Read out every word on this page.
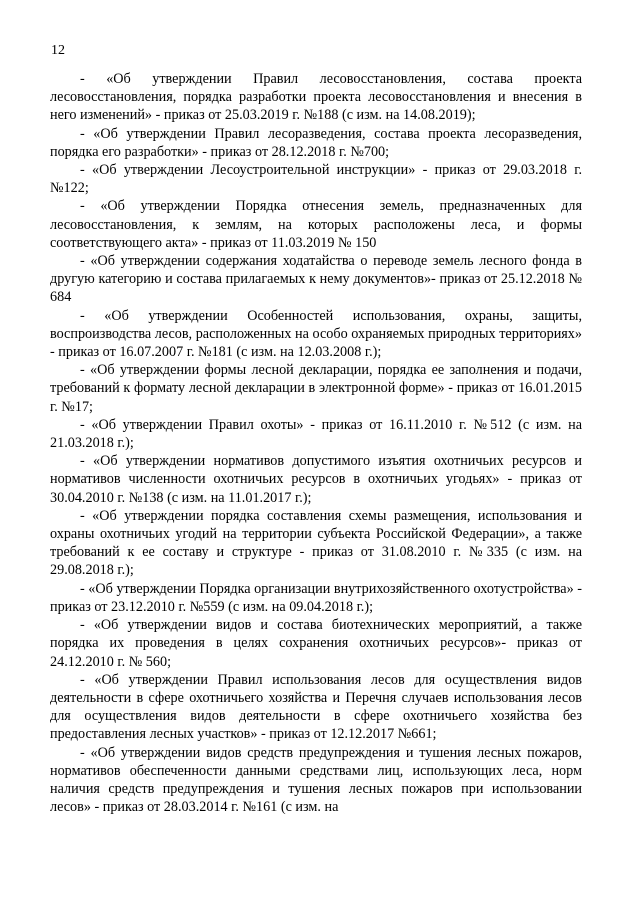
12

- «Об утверждении Правил лесовосстановления, состава проекта лесовосстановления, порядка разработки проекта лесовосстановления и внесения в него изменений» - приказ от 25.03.2019 г. №188 (с изм. на 14.08.2019);

- «Об утверждении Правил лесоразведения, состава проекта лесоразведения, порядка его разработки» - приказ от 28.12.2018 г. №700;

- «Об утверждении Лесоустроительной инструкции» - приказ от 29.03.2018 г. №122;

- «Об утверждении Порядка отнесения земель, предназначенных для лесовосстановления, к землям, на которых расположены леса, и формы соответствующего акта» - приказ от 11.03.2019 № 150

- «Об утверждении содержания ходатайства о переводе земель лесного фонда в другую категорию и состава прилагаемых к нему документов»- приказ от 25.12.2018 № 684

- «Об утверждении Особенностей использования, охраны, защиты, воспроизводства лесов, расположенных на особо охраняемых природных территориях» - приказ от 16.07.2007 г. №181 (с изм. на 12.03.2008 г.);

- «Об утверждении формы лесной декларации, порядка ее заполнения и подачи, требований к формату лесной декларации в электронной форме» - приказ от 16.01.2015 г. №17;

- «Об утверждении Правил охоты» - приказ от 16.11.2010 г. №512 (с изм. на 21.03.2018 г.);

- «Об утверждении нормативов допустимого изъятия охотничьих ресурсов и нормативов численности охотничьих ресурсов в охотничьих угодьях» - приказ от 30.04.2010 г. №138 (с изм. на 11.01.2017 г.);

- «Об утверждении порядка составления схемы размещения, использования и охраны охотничьих угодий на территории субъекта Российской Федерации», а также требований к ее составу и структуре - приказ от 31.08.2010 г. №335 (с изм. на 29.08.2018 г.);

- «Об утверждении Порядка организации внутрихозяйственного охотустройства» - приказ от 23.12.2010 г. №559 (с изм. на 09.04.2018 г.);

- «Об утверждении видов и состава биотехнических мероприятий, а также порядка их проведения в целях сохранения охотничьих ресурсов»- приказ от 24.12.2010 г. № 560;

- «Об утверждении Правил использования лесов для осуществления видов деятельности в сфере охотничьего хозяйства и Перечня случаев использования лесов для осуществления видов деятельности в сфере охотничьего хозяйства без предоставления лесных участков» - приказ от 12.12.2017 №661;

- «Об утверждении видов средств предупреждения и тушения лесных пожаров, нормативов обеспеченности данными средствами лиц, использующих леса, норм наличия средств предупреждения и тушения лесных пожаров при использовании лесов» - приказ от 28.03.2014 г. №161 (с изм. на
